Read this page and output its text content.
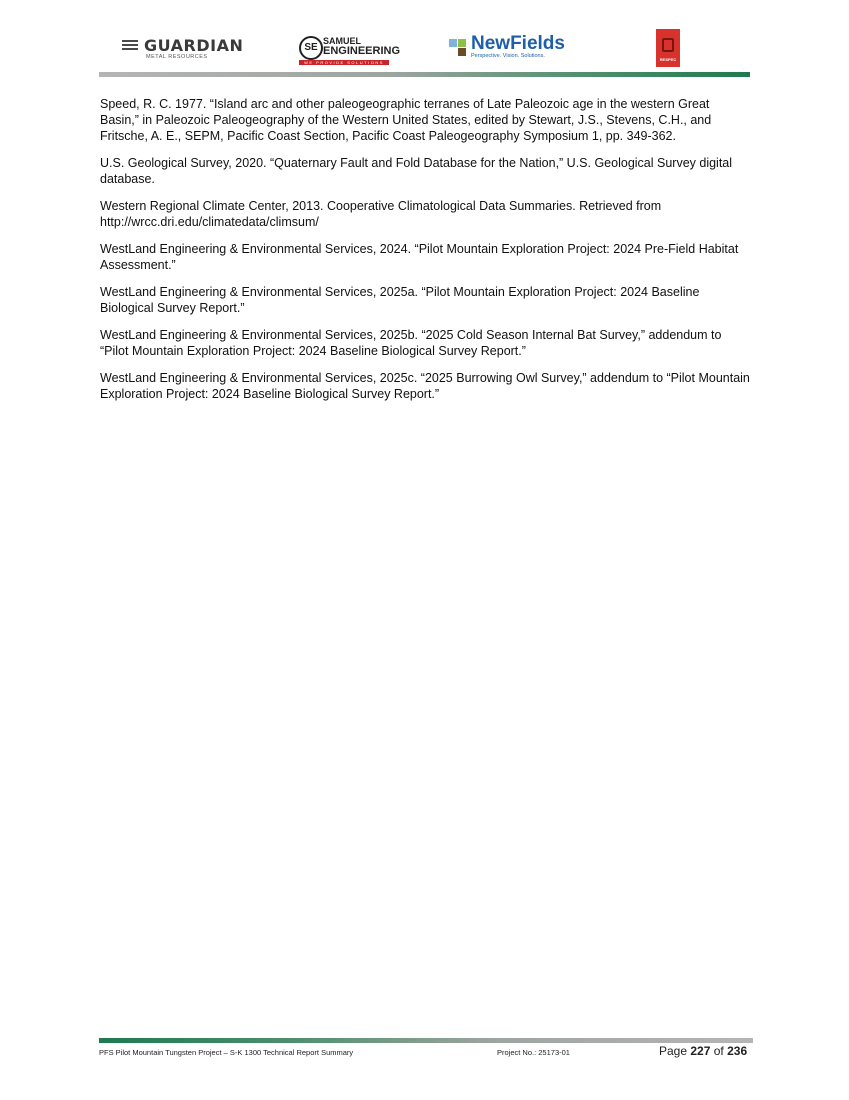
GUARDIAN
METAL RESOURCES
SE
SAMUEL
ENGINEERING
WE PROVIDE SOLUTIONS
NewFields
Perspective. Vision. Solutions.
RESPEC

Speed, R. C. 1977. “Island arc and other paleogeographic terranes of Late Paleozoic age in the western Great Basin,” in Paleozoic Paleogeography of the Western United States, edited by Stewart, J.S., Stevens, C.H., and Fritsche, A. E., SEPM, Pacific Coast Section, Pacific Coast Paleogeography Symposium 1, pp. 349-362.

U.S. Geological Survey, 2020. “Quaternary Fault and Fold Database for the Nation,” U.S. Geological Survey digital database.

Western Regional Climate Center, 2013. Cooperative Climatological Data Summaries. Retrieved from http://wrcc.dri.edu/climatedata/climsum/

WestLand Engineering & Environmental Services, 2024. “Pilot Mountain Exploration Project: 2024 Pre-Field Habitat Assessment.”

WestLand Engineering & Environmental Services, 2025a. “Pilot Mountain Exploration Project: 2024 Baseline Biological Survey Report.”

WestLand Engineering & Environmental Services, 2025b. “2025 Cold Season Internal Bat Survey,” addendum to “Pilot Mountain Exploration Project: 2024 Baseline Biological Survey Report.”

WestLand Engineering & Environmental Services, 2025c. “2025 Burrowing Owl Survey,” addendum to “Pilot Mountain Exploration Project: 2024 Baseline Biological Survey Report.”

PFS Pilot Mountain Tungsten Project – S-K 1300 Technical Report Summary	Project No.: 25173-01	Page 227 of 236
